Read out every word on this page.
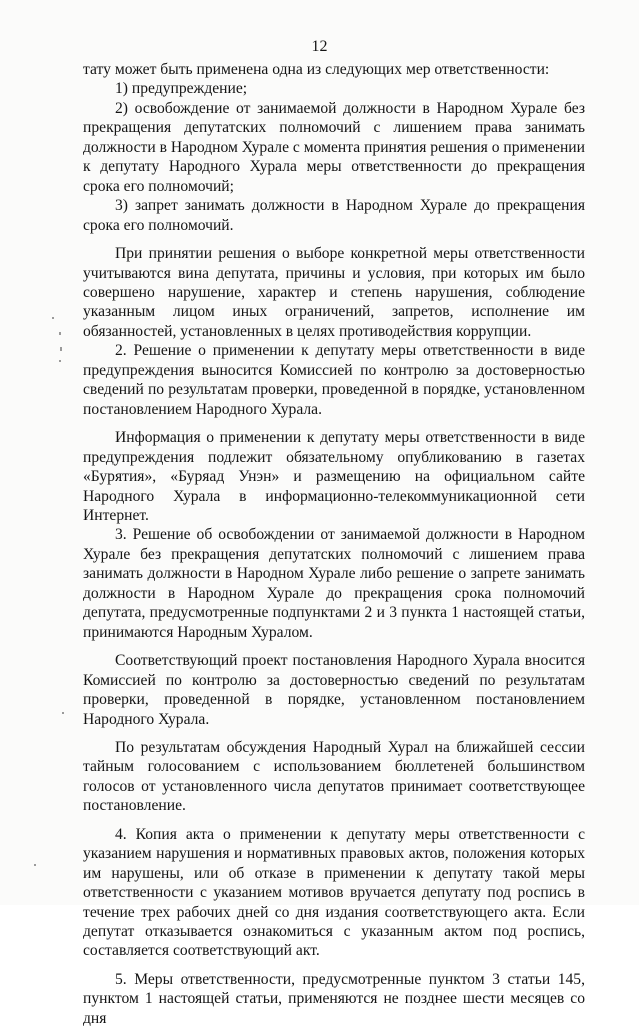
12

тату может быть применена одна из следующих мер ответственности:

1) предупреждение;

2) освобождение от занимаемой должности в Народном Хурале без прекращения депутатских полномочий с лишением права занимать должности в Народном Хурале с момента принятия решения о применении к депутату Народного Хурала меры ответственности до прекращения срока его полномочий;

3) запрет занимать должности в Народном Хурале до прекращения срока его полномочий.

При принятии решения о выборе конкретной меры ответственности учитываются вина депутата, причины и условия, при которых им было совершено нарушение, характер и степень нарушения, соблюдение указанным лицом иных ограничений, запретов, исполнение им обязанностей, установленных в целях противодействия коррупции.

2. Решение о применении к депутату меры ответственности в виде предупреждения выносится Комиссией по контролю за достоверностью сведений по результатам проверки, проведенной в порядке, установленном постановлением Народного Хурала.

Информация о применении к депутату меры ответственности в виде предупреждения подлежит обязательному опубликованию в газетах «Бурятия», «Буряад Унэн» и размещению на официальном сайте Народного Хурала в информационно-телекоммуникационной сети Интернет.

3. Решение об освобождении от занимаемой должности в Народном Хурале без прекращения депутатских полномочий с лишением права занимать должности в Народном Хурале либо решение о запрете занимать должности в Народном Хурале до прекращения срока полномочий депутата, предусмотренные подпунктами 2 и 3 пункта 1 настоящей статьи, принимаются Народным Хуралом.

Соответствующий проект постановления Народного Хурала вносится Комиссией по контролю за достоверностью сведений по результатам проверки, проведенной в порядке, установленном постановлением Народного Хурала.

По результатам обсуждения Народный Хурал на ближайшей сессии тайным голосованием с использованием бюллетеней большинством голосов от установленного числа депутатов принимает соответствующее постановление.

4. Копия акта о применении к депутату меры ответственности с указанием нарушения и нормативных правовых актов, положения которых им нарушены, или об отказе в применении к депутату такой меры ответственности с указанием мотивов вручается депутату под роспись в течение трех рабочих дней со дня издания соответствующего акта. Если депутат отказывается ознакомиться с указанным актом под роспись, составляется соответствующий акт.

5. Меры ответственности, предусмотренные пунктом 3 статьи 145, пунктом 1 настоящей статьи, применяются не позднее шести месяцев со дня
